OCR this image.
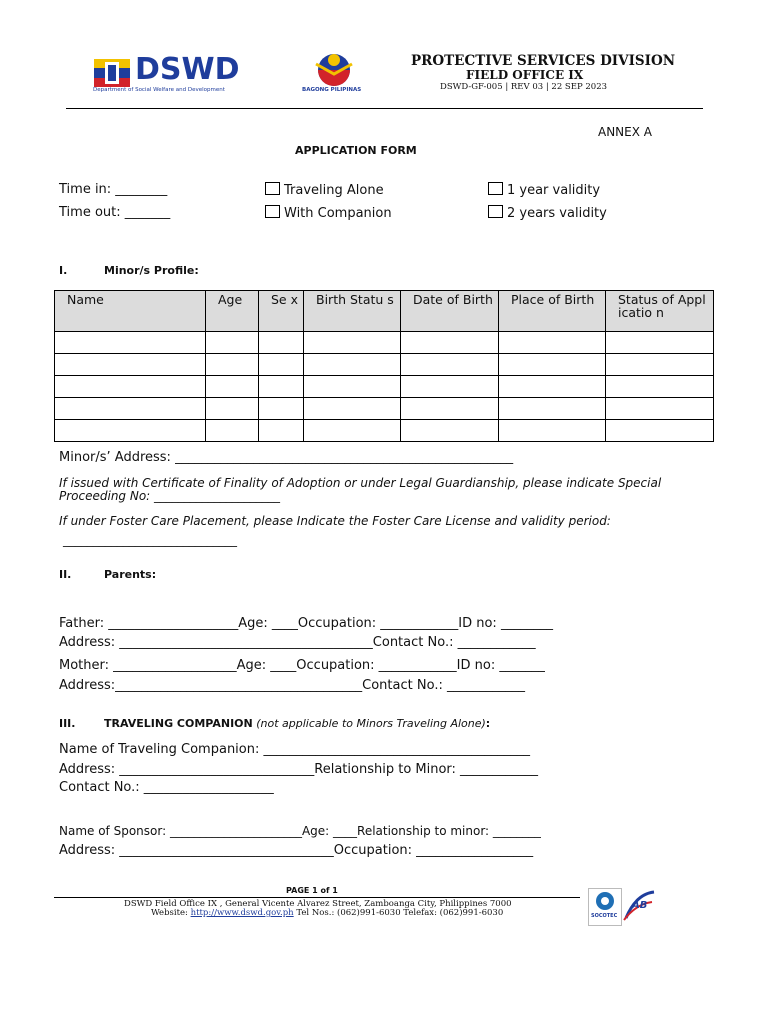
DSWD
Department of Social Welfare and Development	BAGONG PILIPINAS
PROTECTIVE SERVICES DIVISION
FIELD OFFICE IX
DSWD-GF-005 | REV 03 | 22 SEP 2023
ANNEX A
APPLICATION FORM
Time in: ________
Time out: _______
Traveling Alone
With Companion
1 year validity
2 years validity
I.	Minor/s Profile:
Name	Age	Se x	Birth Statu s	Date of Birth	Place of Birth	Status of Applicatio n

Minor/s’ Address: ____________________________________________________
If issued with Certificate of Finality of Adoption or under Legal Guardianship, please indicate Special
Proceeding No: _____________________
If under Foster Care Placement, please Indicate the Foster Care License and validity period:
_____________________________
II.	Parents:
Father: ____________________Age: ____Occupation: ____________ID no: ________
Address: _______________________________________Contact No.: ____________
Mother: ___________________Age: ____Occupation: ____________ID no: _______
Address:______________________________________Contact No.: ____________
III.	TRAVELING COMPANION (not applicable to Minors Traveling Alone):
Name of Traveling Companion: _________________________________________
Address: ______________________________Relationship to Minor: ____________
Contact No.: ____________________
Name of Sponsor: ______________________Age: ____Relationship to minor: ________
Address: _________________________________Occupation: __________________
PAGE 1 of 1
DSWD Field Office IX , General Vicente Alvarez Street, Zamboanga City, Philippines 7000
Website: http://www.dswd.gov.ph Tel Nos.: (062)991-6030 Telefax: (062)991-6030	SOCOTEC
AB
